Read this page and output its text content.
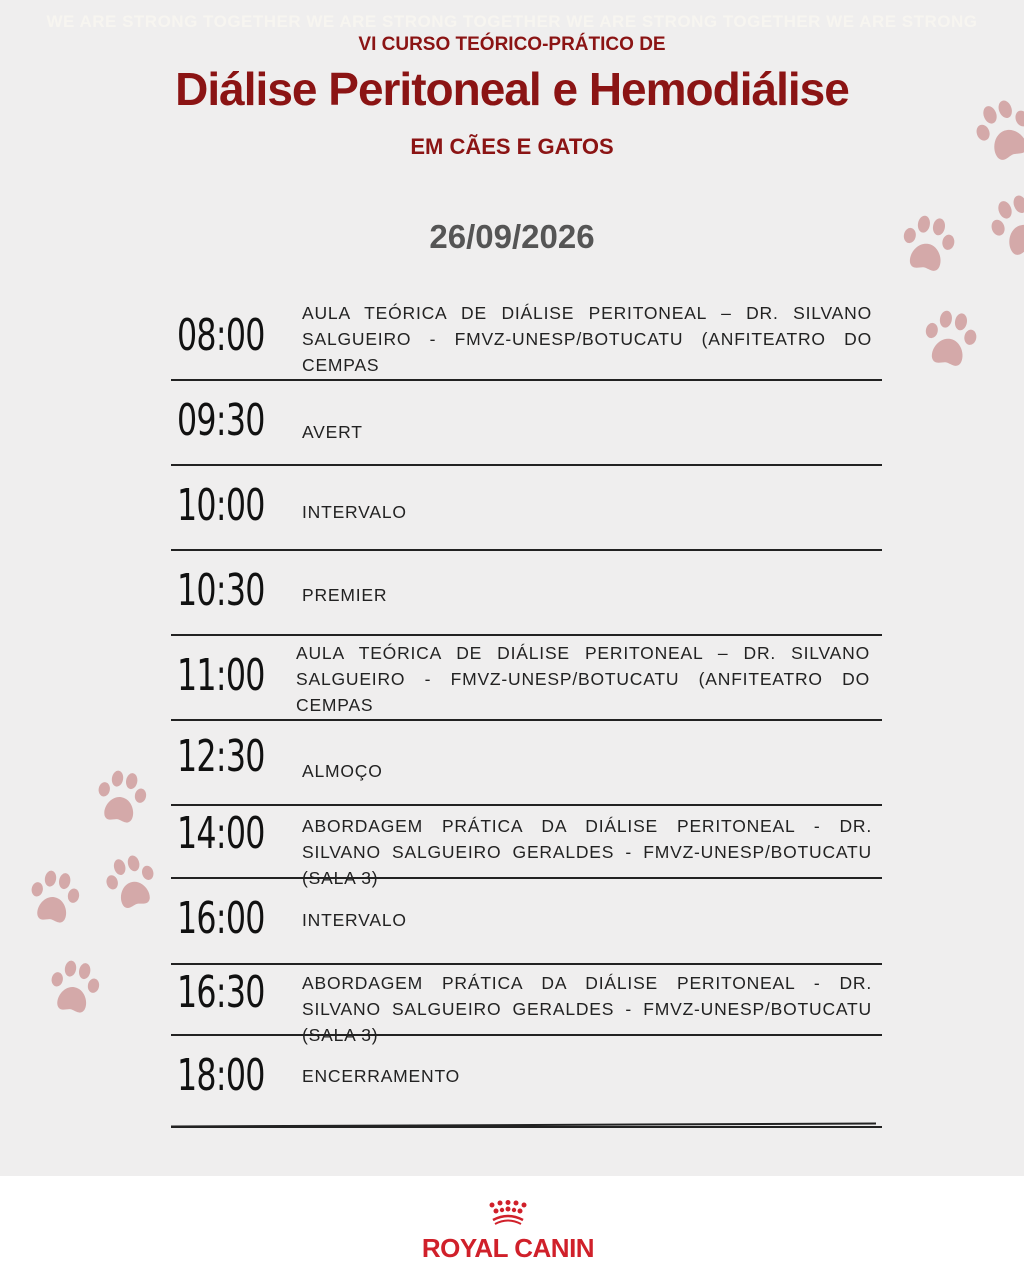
WE ARE STRONG TOGETHER WE ARE STRONG TOGETHER WE ARE STRONG TOGETHER WE ARE STRONG
VI CURSO TEÓRICO-PRÁTICO DE
Diálise Peritoneal e Hemodiálise
EM CÃES E GATOS
26/09/2026
08:00 AULA TEÓRICA DE DIÁLISE PERITONEAL – DR. SILVANO SALGUEIRO - FMVZ-UNESP/BOTUCATU (ANFITEATRO DO CEMPAS
09:30 AVERT
10:00 INTERVALO
10:30 PREMIER
11:00 AULA TEÓRICA DE DIÁLISE PERITONEAL – DR. SILVANO SALGUEIRO - FMVZ-UNESP/BOTUCATU (ANFITEATRO DO CEMPAS
12:30 ALMOÇO
14:00 ABORDAGEM PRÁTICA DA DIÁLISE PERITONEAL - DR. SILVANO SALGUEIRO GERALDES - FMVZ-UNESP/BOTUCATU (SALA 3)
16:00 INTERVALO
16:30 ABORDAGEM PRÁTICA DA DIÁLISE PERITONEAL - DR. SILVANO SALGUEIRO GERALDES - FMVZ-UNESP/BOTUCATU (SALA 3)
18:00 ENCERRAMENTO
ROYAL CANIN
